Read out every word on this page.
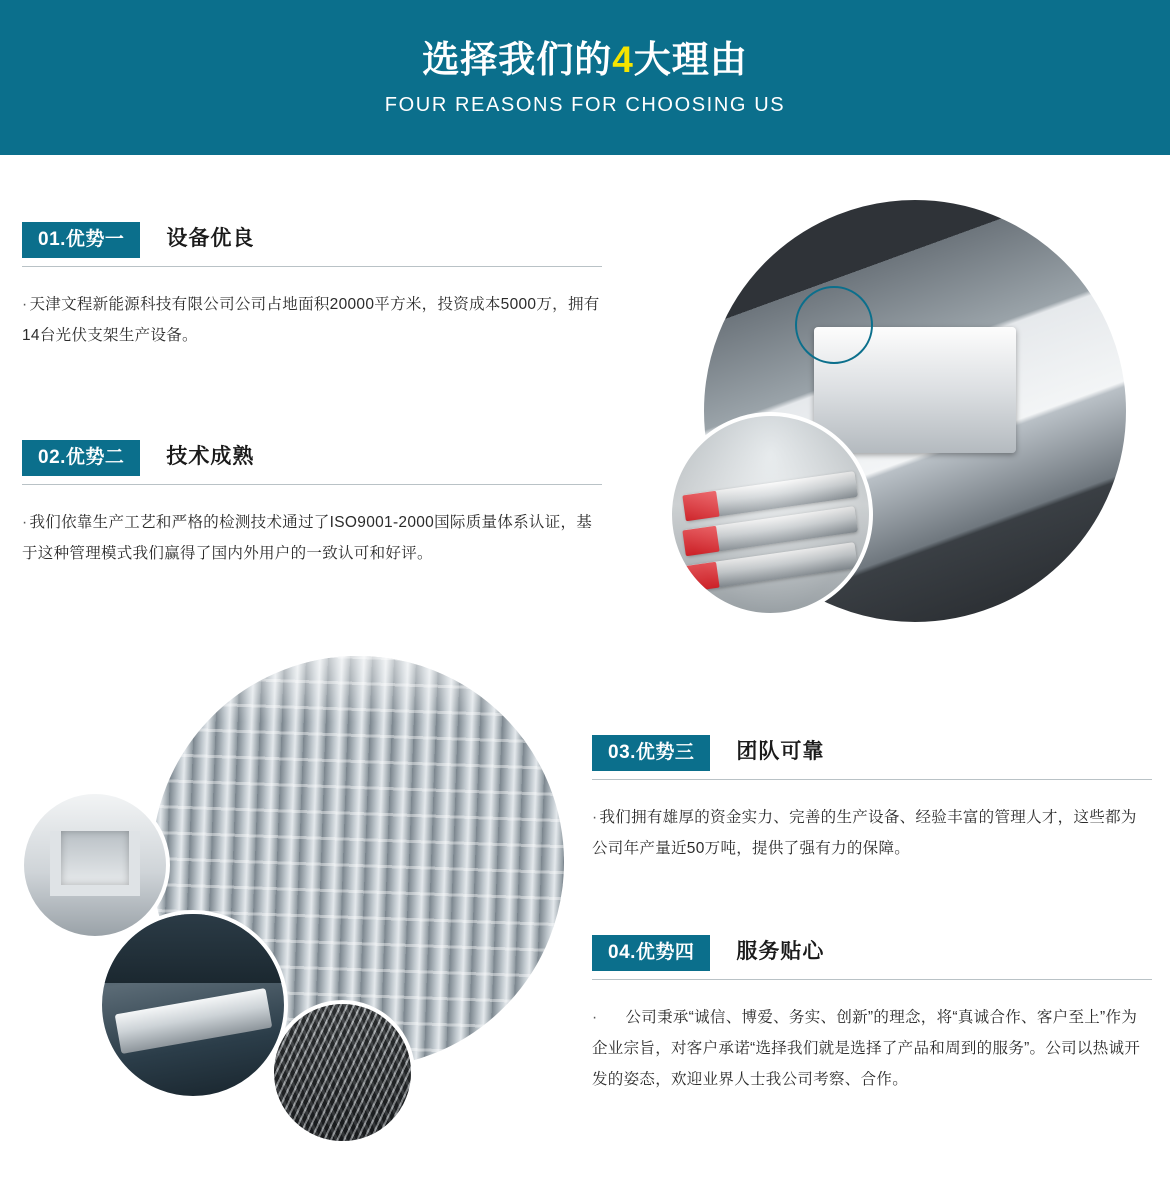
选择我们的4大理由
FOUR REASONS FOR CHOOSING US
01.优势一	设备优良
· 天津文程新能源科技有限公司公司占地面积20000平方米，投资成本5000万，拥有14台光伏支架生产设备。
02.优势二	技术成熟
· 我们依靠生产工艺和严格的检测技术通过了ISO9001-2000国际质量体系认证，基于这种管理模式我们赢得了国内外用户的一致认可和好评。
03.优势三	团队可靠
· 我们拥有雄厚的资金实力、完善的生产设备、经验丰富的管理人才，这些都为公司年产量近50万吨，提供了强有力的保障。
04.优势四	服务贴心
· 公司秉承“诚信、博爱、务实、创新”的理念，将“真诚合作、客户至上”作为企业宗旨，对客户承诺“选择我们就是选择了产品和周到的服务”。公司以热诚开发的姿态，欢迎业界人士我公司考察、合作。
